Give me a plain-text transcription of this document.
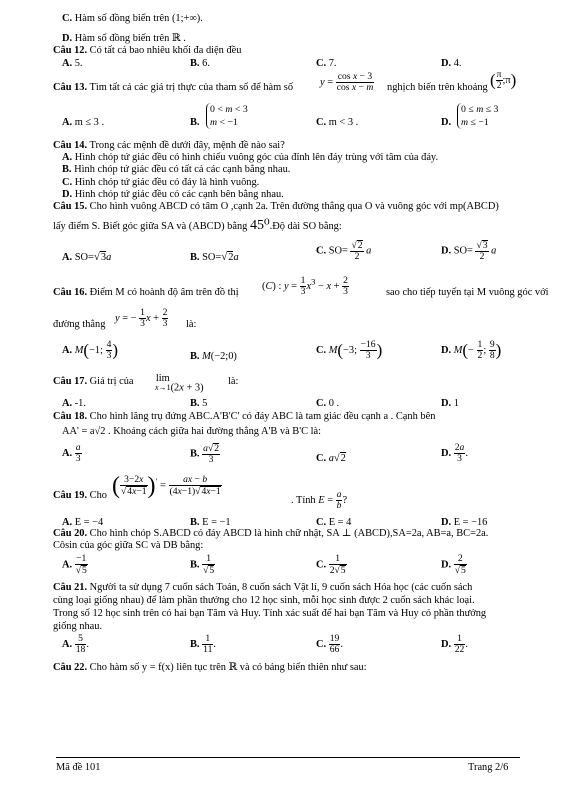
C. Hàm số đồng biến trên (1;+∞).
D. Hàm số đồng biến trên ℝ .
Câu 12. Có tất cả bao nhiêu khối đa diện đều
A. 5.	B. 6.	C. 7.	D. 4.
Câu 13. Tìm tất cả các giá trị thực của tham số để hàm số	$y = \frac{\text{cos x − 3}}{\text{cos x − m}}$ nghịch biến trên khoảng ( $\frac{\pi}{2}$ ;π)
A. m ≤ 3 .	B.
0 < m < 3
m < −1	C. m < 3 .	D.
0 ≤ m ≤ 3
m ≤ −1
Câu 14. Trong các mệnh đề dưới đây, mệnh đề nào sai?
A. Hình chóp tứ giác đều có hình chiếu vuông góc của đỉnh lên đáy trùng với tâm của đáy.
B. Hình chóp tứ giác đều có tất cả các cạnh bằng nhau.
C. Hình chóp tứ giác đều có đáy là hình vuông.
D. Hình chóp tứ giác đều có các cạnh bên bằng nhau.
Câu 15. Cho hình vuông ABCD có tâm O ,cạnh 2a. Trên đường thẳng qua O và vuông góc với mp(ABCD)
lấy điểm S. Biết góc giữa SA và (ABCD) bằng 45⁰.Độ dài SO bằng:
A. SO=√3a	B. SO=√2a
C. $SO= \frac{√2}{2}$ a	D. $SO= \frac{√3}{2}$ a
Câu 16. Điểm M có hoành độ âm trên đồ thị
(C) : $y = \frac{1}{3} x^3 - x + \frac{2}{3}$	sao cho tiếp tuyến tại M vuông góc với
đường thẳng
y = − $\frac{1}{3}$ $x + \frac{2}{3}$ là:
A. M(−1; $\frac{4}{3}$ )	B. M(−2;0)
C. M(−3; $\frac{-16}{3}$ )	D. $M(- \frac{1}{2}$ ; $\frac{9}{8}$ )
Câu 17. Giá trị của lim
x→1(2x + 3)
là:
A. -1.	B. 5	C. 0 .	D. 1
Câu 18. Cho hình lăng trụ đứng ABC.A'B'C' có đáy ABC là tam giác đều cạnh a . Cạnh bên
AA' = a√2 . Khoảng cách giữa hai đường thẳng A'B và B'C là:
A. $\frac{a}{3}$	B. $\frac{a√2}{3}$	C. a√2	D. $\frac{2a}{3}$ .
Câu 19. Cho ( $\frac{3-2x}{√4x-1} )' = \frac{ax - b}{(4x-1)√4x-1}$
. Tính $E = \frac{a}{b}$ ?
A. E = −4	B. E = −1	C. E = 4	D. E = −16
Câu 20. Cho hình chóp S.ABCD có đáy ABCD là hình chữ nhật, SA ⊥ (ABCD),SA=2a, AB=a, BC=2a.
Côsin của góc giữa SC và DB bằng:
A. $\frac{-1}{√5}$	B. $\frac{1}{√5}$	C. $\frac{1}{2√5}$	D. $\frac{2}{√5}$
Câu 21. Người ta sử dụng 7 cuốn sách Toán, 8 cuốn sách Vật lí, 9 cuốn sách Hóa học (các cuốn sách
cùng loại giống nhau) để làm phần thưởng cho 12 học sinh, mỗi học sinh được 2 cuốn sách khác loại.
Trong số 12 học sinh trên có hai bạn Tâm và Huy. Tính xác suất để hai bạn Tâm và Huy có phần thưởng
giống nhau.
A. $\frac{5}{18}$ .	B. $\frac{1}{11}$ .	C. $\frac{19}{66}$ .	D. $\frac{1}{22}$ .
Câu 22. Cho hàm số y = f(x) liên tục trên ℝ và có bảng biến thiên như sau:
Mã đề 101	Trang 2/6
